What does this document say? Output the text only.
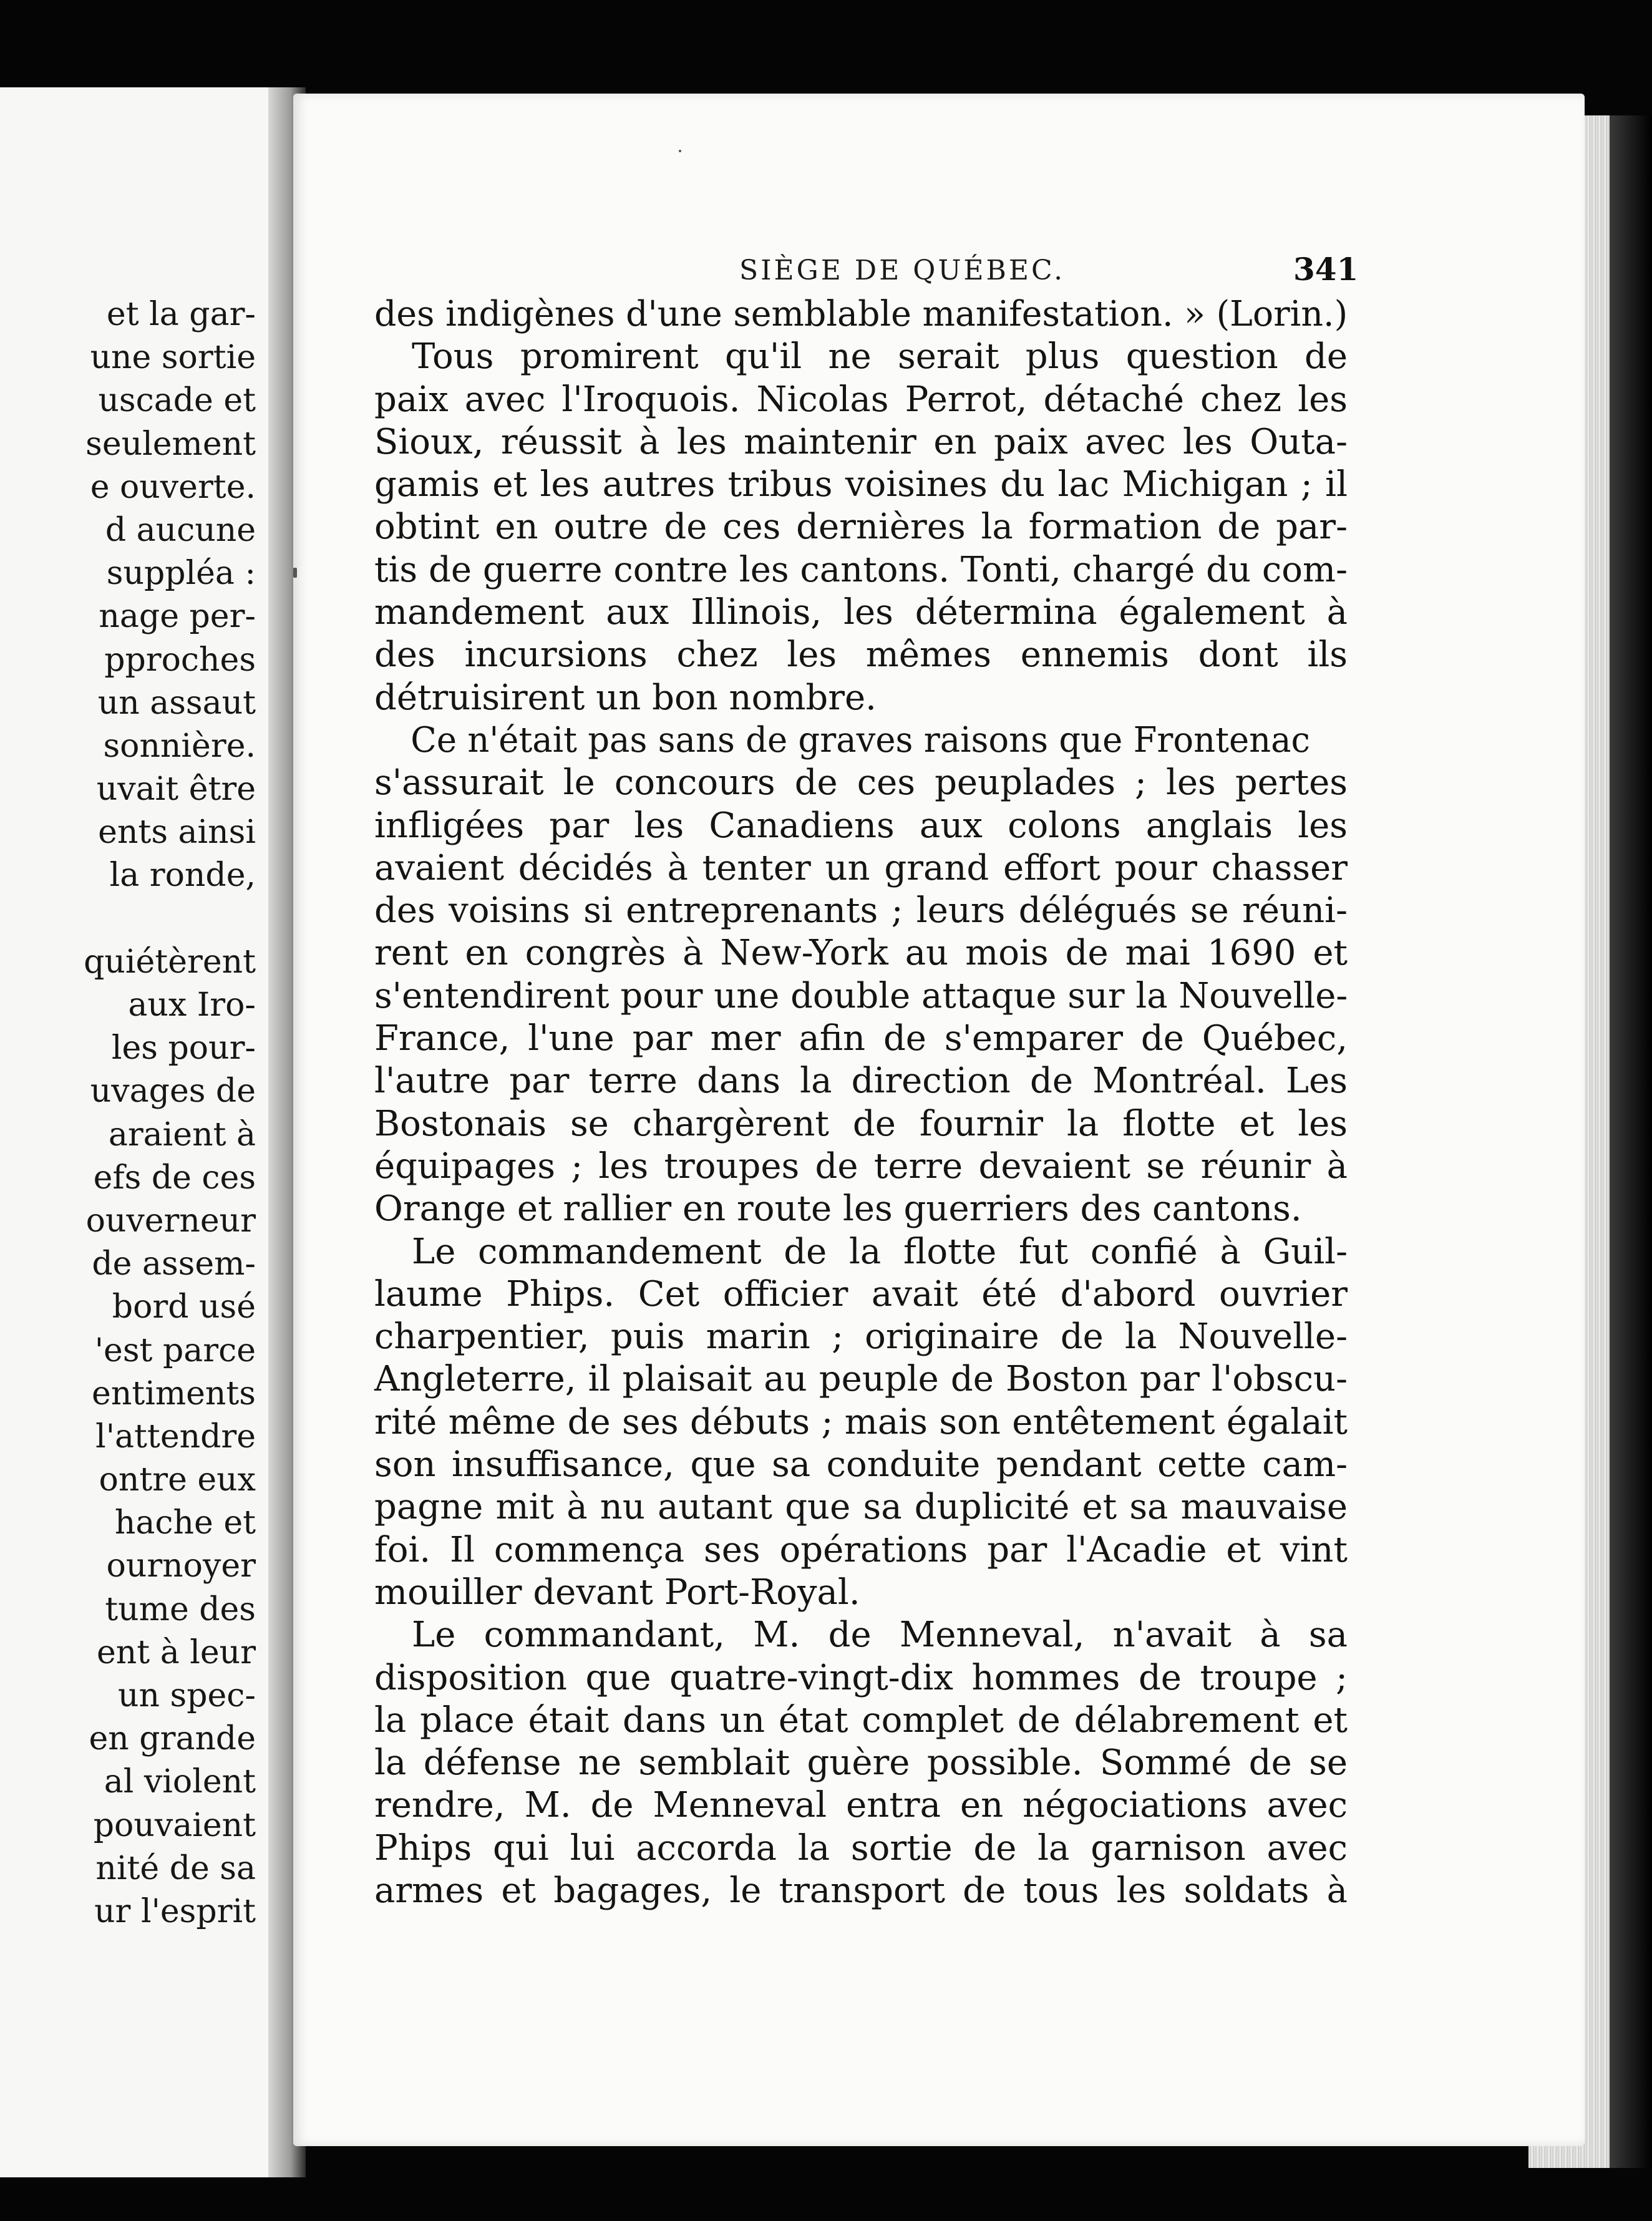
et la gar-
une sortie
uscade et
seulement
e ouverte.
d aucune
suppléa :
nage per-
pproches
un assaut
sonnière.
uvait être
ents ainsi
la ronde,
quiétèrent
aux Iro-
les pour-
uvages de
araient à
efs de ces
ouverneur
de assem-
bord usé
'est parce
entiments
l'attendre
ontre eux
hache et
ournoyer
tume des
ent à leur
un spec-
en grande
al violent
pouvaient
nité de sa
ur l'esprit
SIÈGE DE QUÉBEC.	341
des indigènes d'une semblable manifestation. » (Lorin.)
Tous promirent qu'il ne serait plus question de
paix avec l'Iroquois. Nicolas Perrot, détaché chez les
Sioux, réussit à les maintenir en paix avec les Outa-
gamis et les autres tribus voisines du lac Michigan ; il
obtint en outre de ces dernières la formation de par-
tis de guerre contre les cantons. Tonti, chargé du com-
mandement aux Illinois, les détermina également à
des incursions chez les mêmes ennemis dont ils
détruisirent un bon nombre.
Ce n'était pas sans de graves raisons que Frontenac
s'assurait le concours de ces peuplades ; les pertes
infligées par les Canadiens aux colons anglais les
avaient décidés à tenter un grand effort pour chasser
des voisins si entreprenants ; leurs délégués se réuni-
rent en congrès à New-York au mois de mai 1690 et
s'entendirent pour une double attaque sur la Nouvelle-
France, l'une par mer afin de s'emparer de Québec,
l'autre par terre dans la direction de Montréal. Les
Bostonais se chargèrent de fournir la flotte et les
équipages ; les troupes de terre devaient se réunir à
Orange et rallier en route les guerriers des cantons.
Le commandement de la flotte fut confié à Guil-
laume Phips. Cet officier avait été d'abord ouvrier
charpentier, puis marin ; originaire de la Nouvelle-
Angleterre, il plaisait au peuple de Boston par l'obscu-
rité même de ses débuts ; mais son entêtement égalait
son insuffisance, que sa conduite pendant cette cam-
pagne mit à nu autant que sa duplicité et sa mauvaise
foi. Il commença ses opérations par l'Acadie et vint
mouiller devant Port-Royal.
Le commandant, M. de Menneval, n'avait à sa
disposition que quatre-vingt-dix hommes de troupe ;
la place était dans un état complet de délabrement et
la défense ne semblait guère possible. Sommé de se
rendre, M. de Menneval entra en négociations avec
Phips qui lui accorda la sortie de la garnison avec
armes et bagages, le transport de tous les soldats à
